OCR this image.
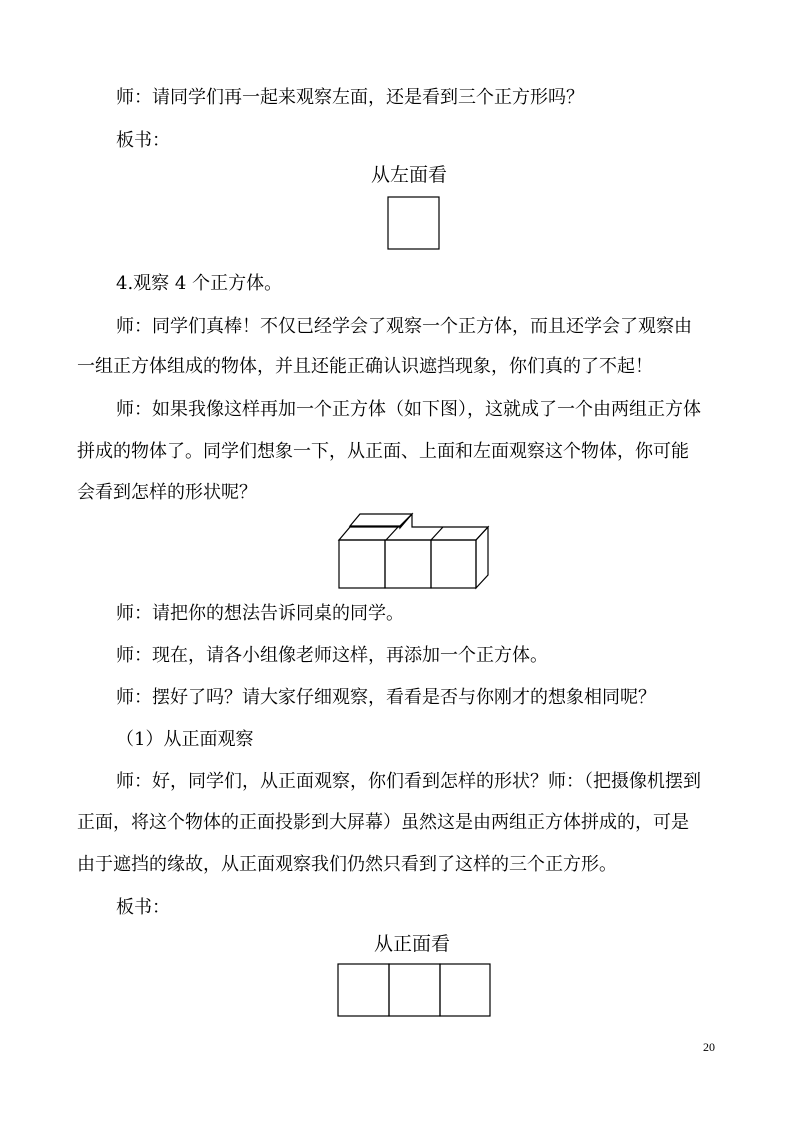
师：请同学们再一起来观察左面，还是看到三个正方形吗？
板书：
从左面看
4.观察 4 个正方体。
师：同学们真棒！不仅已经学会了观察一个正方体，而且还学会了观察由
一组正方体组成的物体，并且还能正确认识遮挡现象，你们真的了不起！
师：如果我像这样再加一个正方体（如下图），这就成了一个由两组正方体
拼成的物体了。同学们想象一下，从正面、上面和左面观察这个物体，你可能
会看到怎样的形状呢？
师：请把你的想法告诉同桌的同学。
师：现在，请各小组像老师这样，再添加一个正方体。
师：摆好了吗？请大家仔细观察，看看是否与你刚才的想象相同呢？
（1）从正面观察
师：好，同学们，从正面观察，你们看到怎样的形状？师：（把摄像机摆到
正面，将这个物体的正面投影到大屏幕）虽然这是由两组正方体拼成的，可是
由于遮挡的缘故，从正面观察我们仍然只看到了这样的三个正方形。
板书：
从正面看
20
